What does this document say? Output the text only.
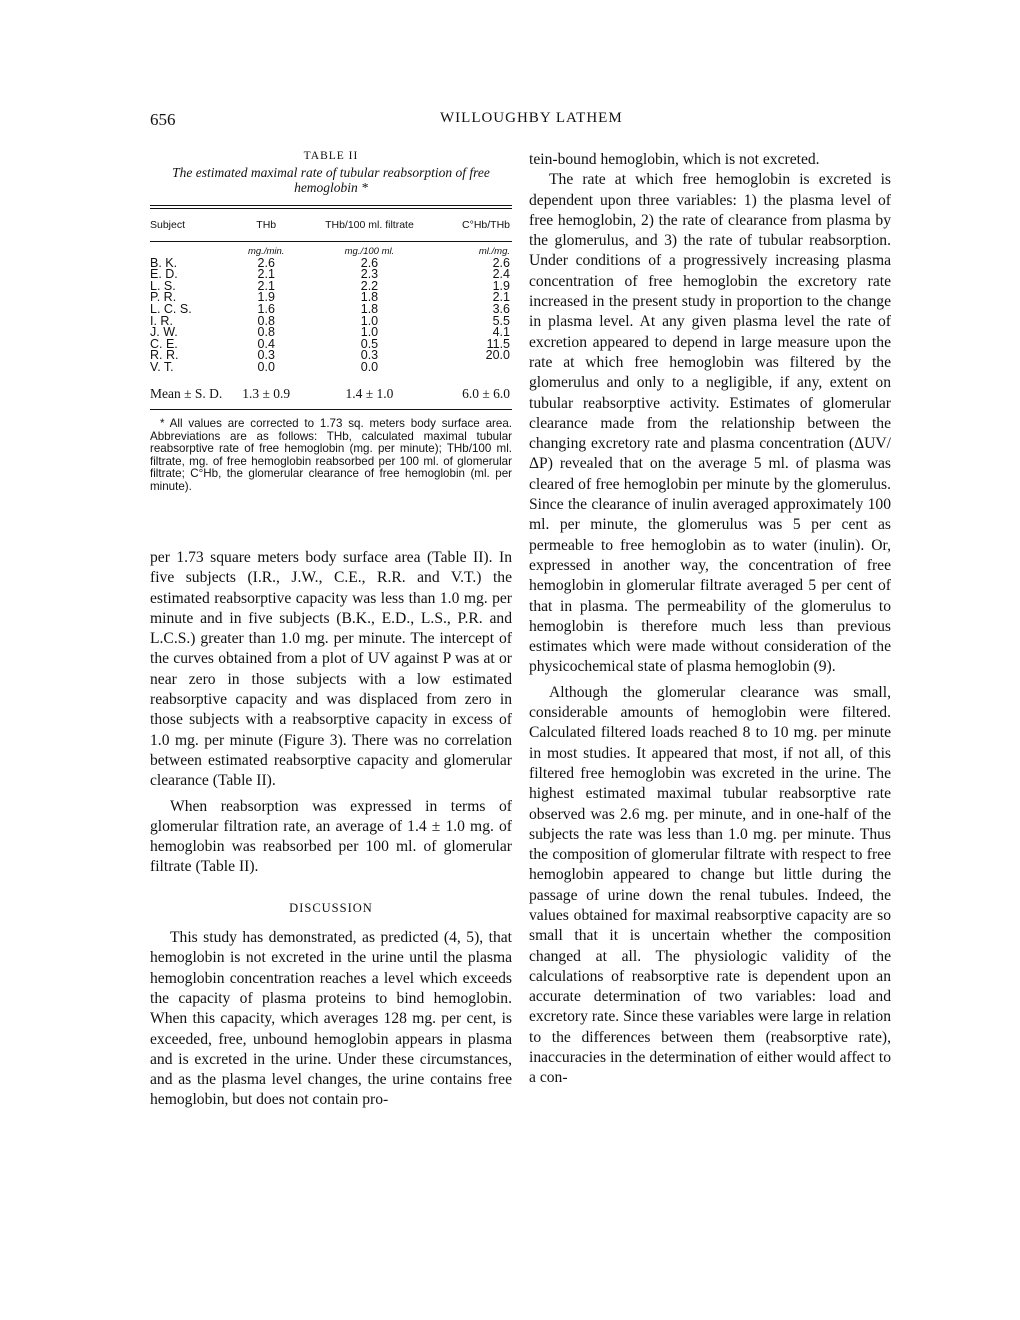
656	WILLOUGHBY LATHEM
TABLE II
The estimated maximal rate of tubular reabsorption of free hemoglobin *
Subject	THb	THb/100 ml. filtrate	C°Hb/THb

	mg./min.	mg./100 ml.	ml./mg.
B. K.	2.6	2.6	2.6
E. D.	2.1	2.3	2.4
L. S.	2.1	2.2	1.9
P. R.	1.9	1.8	2.1
L. C. S.	1.6	1.8	3.6
I. R.	0.8	1.0	5.5
J. W.	0.8	1.0	4.1
C. E.	0.4	0.5	11.5
R. R.	0.3	0.3	20.0
V. T.	0.0	0.0	
Mean ± S. D.	1.3 ± 0.9	1.4 ± 1.0	6.0 ± 6.0

* All values are corrected to 1.73 sq. meters body surface area. Abbreviations are as follows: THb, calculated maximal tubular reabsorptive rate of free hemoglobin (mg. per minute); THb/100 ml. filtrate, mg. of free hemoglobin reabsorbed per 100 ml. of glomerular filtrate; C°Hb, the glomerular clearance of free hemoglobin (ml. per minute).

per 1.73 square meters body surface area (Table II). In five subjects (I.R., J.W., C.E., R.R. and V.T.) the estimated reabsorptive capacity was less than 1.0 mg. per minute and in five subjects (B.K., E.D., L.S., P.R. and L.C.S.) greater than 1.0 mg. per minute. The intercept of the curves obtained from a plot of UV against P was at or near zero in those subjects with a low estimated reabsorptive capacity and was displaced from zero in those subjects with a reabsorptive capacity in excess of 1.0 mg. per minute (Figure 3). There was no correlation between estimated reabsorptive capacity and glomerular clearance (Table II).

When reabsorption was expressed in terms of glomerular filtration rate, an average of 1.4 ± 1.0 mg. of hemoglobin was reabsorbed per 100 ml. of glomerular filtrate (Table II).

DISCUSSION

This study has demonstrated, as predicted (4, 5), that hemoglobin is not excreted in the urine until the plasma hemoglobin concentration reaches a level which exceeds the capacity of plasma proteins to bind hemoglobin. When this capacity, which averages 128 mg. per cent, is exceeded, free, unbound hemoglobin appears in plasma and is excreted in the urine. Under these circumstances, and as the plasma level changes, the urine contains free hemoglobin, but does not contain pro-

tein-bound hemoglobin, which is not excreted.

The rate at which free hemoglobin is excreted is dependent upon three variables: 1) the plasma level of free hemoglobin, 2) the rate of clearance from plasma by the glomerulus, and 3) the rate of tubular reabsorption. Under conditions of a progressively increasing plasma concentration of free hemoglobin the excretory rate increased in the present study in proportion to the change in plasma level. At any given plasma level the rate of excretion appeared to depend in large measure upon the rate at which free hemoglobin was filtered by the glomerulus and only to a negligible, if any, extent on tubular reabsorptive activity. Estimates of glomerular clearance made from the relationship between the changing excretory rate and plasma concentration (ΔUV/ΔP) revealed that on the average 5 ml. of plasma was cleared of free hemoglobin per minute by the glomerulus. Since the clearance of inulin averaged approximately 100 ml. per minute, the glomerulus was 5 per cent as permeable to free hemoglobin as to water (inulin). Or, expressed in another way, the concentration of free hemoglobin in glomerular filtrate averaged 5 per cent of that in plasma. The permeability of the glomerulus to hemoglobin is therefore much less than previous estimates which were made without consideration of the physicochemical state of plasma hemoglobin (9).

Although the glomerular clearance was small, considerable amounts of hemoglobin were filtered. Calculated filtered loads reached 8 to 10 mg. per minute in most studies. It appeared that most, if not all, of this filtered free hemoglobin was excreted in the urine. The highest estimated maximal tubular reabsorptive rate observed was 2.6 mg. per minute, and in one-half of the subjects the rate was less than 1.0 mg. per minute. Thus the composition of glomerular filtrate with respect to free hemoglobin appeared to change but little during the passage of urine down the renal tubules. Indeed, the values obtained for maximal reabsorptive capacity are so small that it is uncertain whether the composition changed at all. The physiologic validity of the calculations of reabsorptive rate is dependent upon an accurate determination of two variables: load and excretory rate. Since these variables were large in relation to the differences between them (reabsorptive rate), inaccuracies in the determination of either would affect to a con-
